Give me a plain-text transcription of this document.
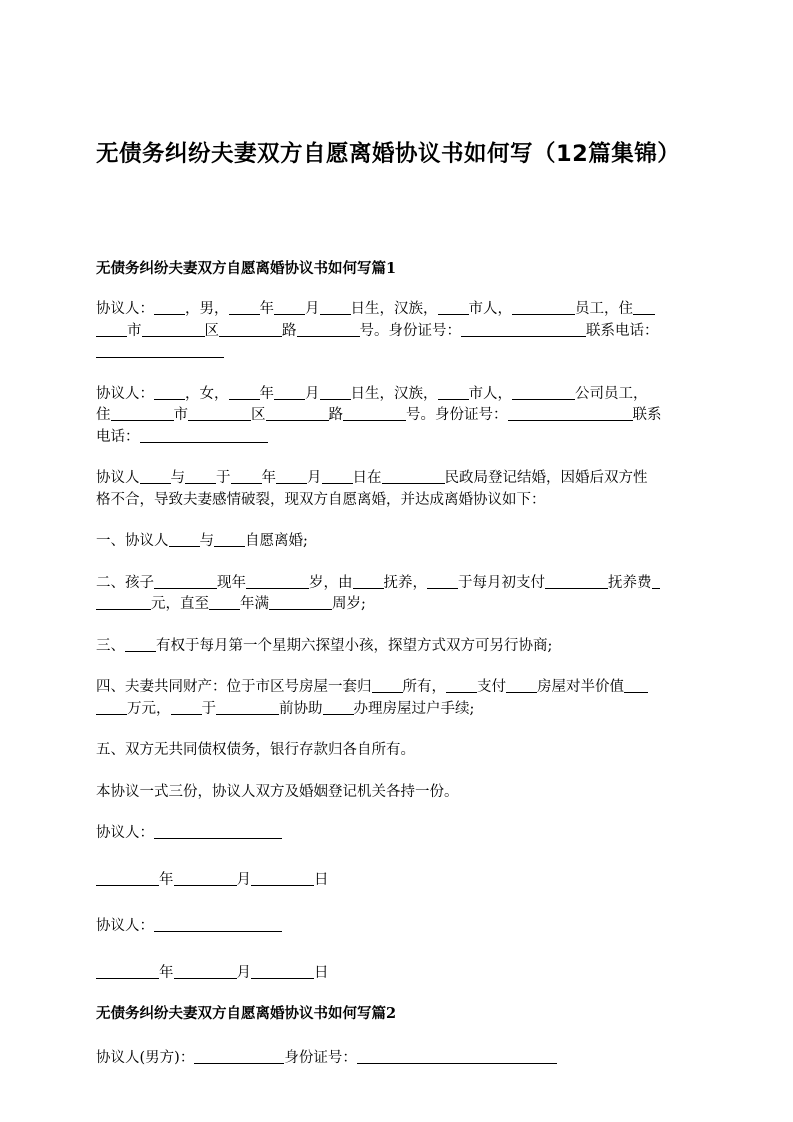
无债务纠纷夫妻双方自愿离婚协议书如何写（12篇集锦）
无债务纠纷夫妻双方自愿离婚协议书如何写篇1
协议人： ，男， 年 月 日生，汉族， 市人，	员工，住
市	区	路	号。身份证号：	联系电话：

协议人： ，女， 年 月 日生，汉族， 市人，	公司员工，
住	市	区	路	号。身份证号：	联系
电话：
协议人 与 于 年 月 日在	民政局登记结婚，因婚后双方性
格不合，导致夫妻感情破裂，现双方自愿离婚，并达成离婚协议如下：
一、协议人 与 自愿离婚;
二、孩子	现年	岁，由 抚养， 于每月初支付	抚养费
元，直至 年满	周岁;
三、 有权于每月第一个星期六探望小孩，探望方式双方可另行协商;
四、夫妻共同财产：位于市区号房屋一套归 所有， 支付 房屋对半价值
万元， 于	前协助 办理房屋过户手续;
五、双方无共同债权债务，银行存款归各自所有。
本协议一式三份，协议人双方及婚姻登记机关各持一份。
协议人：
年	月	日
协议人：
年	月	日
无债务纠纷夫妻双方自愿离婚协议书如何写篇2
协议人(男方)：	身份证号：
